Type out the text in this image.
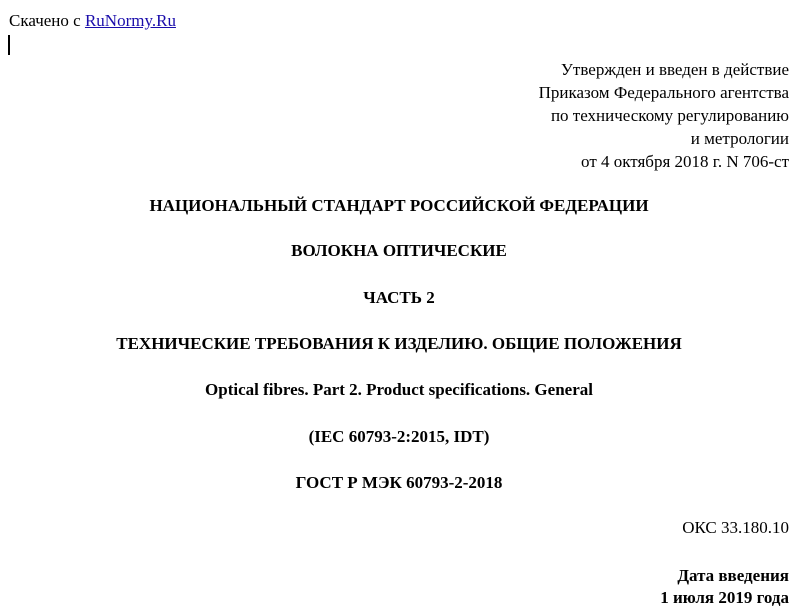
Скачено с RuNormy.Ru
Утвержден и введен в действие
Приказом Федерального агентства
по техническому регулированию
и метрологии
от 4 октября 2018 г. N 706-ст
НАЦИОНАЛЬНЫЙ СТАНДАРТ РОССИЙСКОЙ ФЕДЕРАЦИИ
ВОЛОКНА ОПТИЧЕСКИЕ
ЧАСТЬ 2
ТЕХНИЧЕСКИЕ ТРЕБОВАНИЯ К ИЗДЕЛИЮ. ОБЩИЕ ПОЛОЖЕНИЯ
Optical fibres. Part 2. Product specifications. General
(IEC 60793-2:2015, IDT)
ГОСТ Р МЭК 60793-2-2018
ОКС 33.180.10
Дата введения
1 июля 2019 года
